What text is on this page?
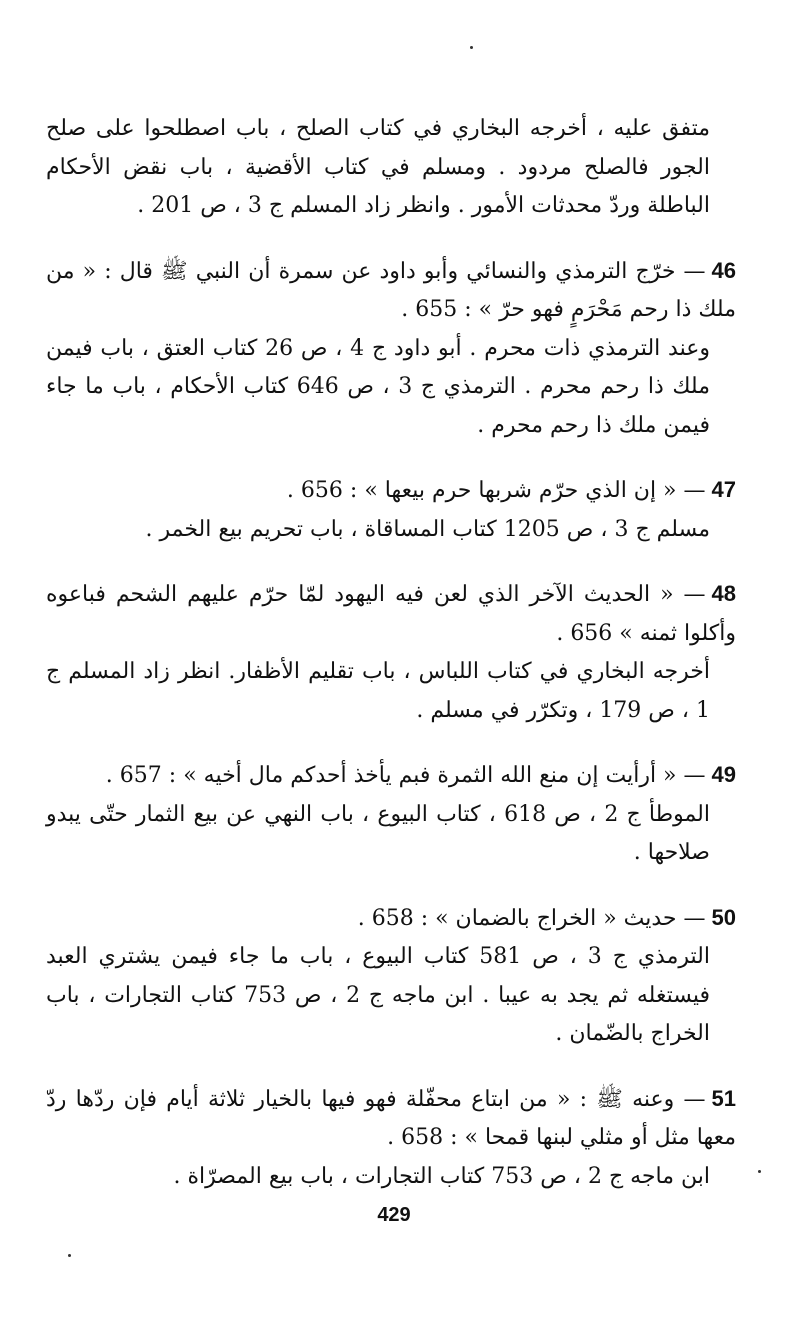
متفق عليه ، أخرجه البخاري في كتاب الصلح ، باب اصطلحوا على صلح الجور فالصلح مردود . ومسلم في كتاب الأقضية ، باب نقض الأحكام الباطلة وردّ محدثات الأمور . وانظر زاد المسلم ج 3 ، ص 201 .

46— خرّج الترمذي والنسائي وأبو داود عن سمرة أن النبي ﷺ قال : « من ملك ذا رحم مَحْرَمٍ فهو حرّ » : 655 .

وعند الترمذي ذات محرم . أبو داود ج 4 ، ص 26 كتاب العتق ، باب فيمن ملك ذا رحم محرم . الترمذي ج 3 ، ص 646 كتاب الأحكام ، باب ما جاء فيمن ملك ذا رحم محرم .

47— « إن الذي حرّم شربها حرم بيعها » : 656 .

مسلم ج 3 ، ص 1205 كتاب المساقاة ، باب تحريم بيع الخمر .

48— « الحديث الآخر الذي لعن فيه اليهود لمّا حرّم عليهم الشحم فباعوه وأكلوا ثمنه » 656 .

أخرجه البخاري في كتاب اللباس ، باب تقليم الأظفار. انظر زاد المسلم ج 1 ، ص 179 ، وتكرّر في مسلم .

49— « أرأيت إن منع الله الثمرة فبم يأخذ أحدكم مال أخيه » : 657 .

الموطأ ج 2 ، ص 618 ، كتاب البيوع ، باب النهي عن بيع الثمار حتّى يبدو صلاحها .

50— حديث « الخراج بالضمان » : 658 .

الترمذي ج 3 ، ص 581 كتاب البيوع ، باب ما جاء فيمن يشتري العبد فيستغله ثم يجد به عيبا . ابن ماجه ج 2 ، ص 753 كتاب التجارات ، باب الخراج بالضّمان .

51— وعنه ﷺ : « من ابتاع محفّلة فهو فيها بالخيار ثلاثة أيام فإن ردّها ردّ معها مثل أو مثلي لبنها قمحا » : 658 .

ابن ماجه ج 2 ، ص 753 كتاب التجارات ، باب بيع المصرّاة .

429
